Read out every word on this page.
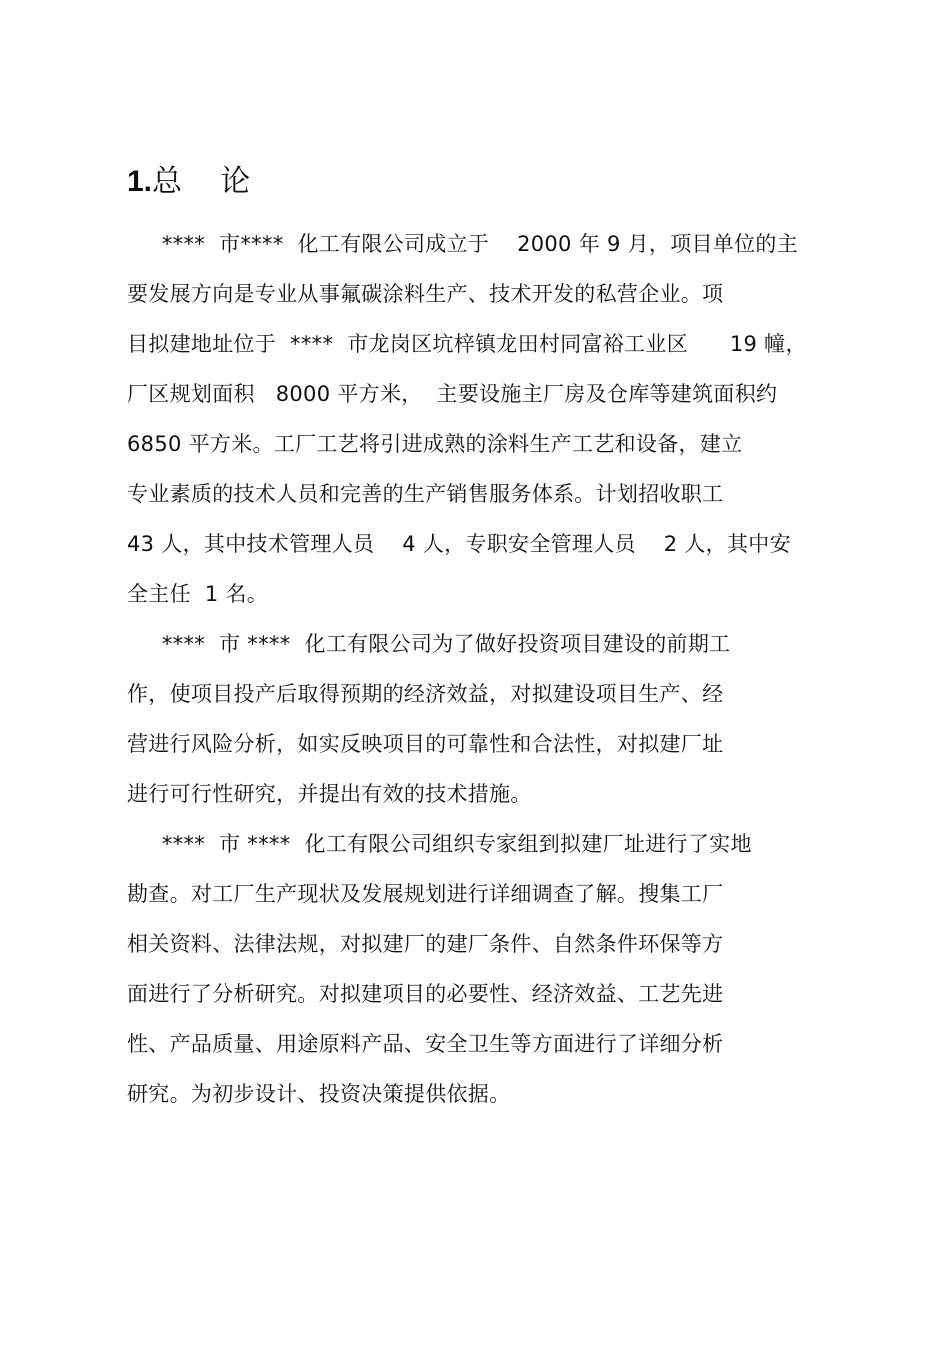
1.总    论
****  市****  化工有限公司成立于    2000 年 9 月，项目单位的主
要发展方向是专业从事氟碳涂料生产、技术开发的私营企业。项
目拟建地址位于  ****  市龙岗区坑梓镇龙田村同富裕工业区      19 幢，
厂区规划面积   8000 平方米，  主要设施主厂房及仓库等建筑面积约
6850 平方米。工厂工艺将引进成熟的涂料生产工艺和设备，建立
专业素质的技术人员和完善的生产销售服务体系。计划招收职工
43 人，其中技术管理人员    4 人，专职安全管理人员    2 人，其中安
全主任  1 名。
****  市 ****  化工有限公司为了做好投资项目建设的前期工
作，使项目投产后取得预期的经济效益，对拟建设项目生产、经
营进行风险分析，如实反映项目的可靠性和合法性，对拟建厂址
进行可行性研究，并提出有效的技术措施。
****  市 ****  化工有限公司组织专家组到拟建厂址进行了实地
勘查。对工厂生产现状及发展规划进行详细调查了解。搜集工厂
相关资料、法律法规，对拟建厂的建厂条件、自然条件环保等方
面进行了分析研究。对拟建项目的必要性、经济效益、工艺先进
性、产品质量、用途原料产品、安全卫生等方面进行了详细分析
研究。为初步设计、投资决策提供依据。
